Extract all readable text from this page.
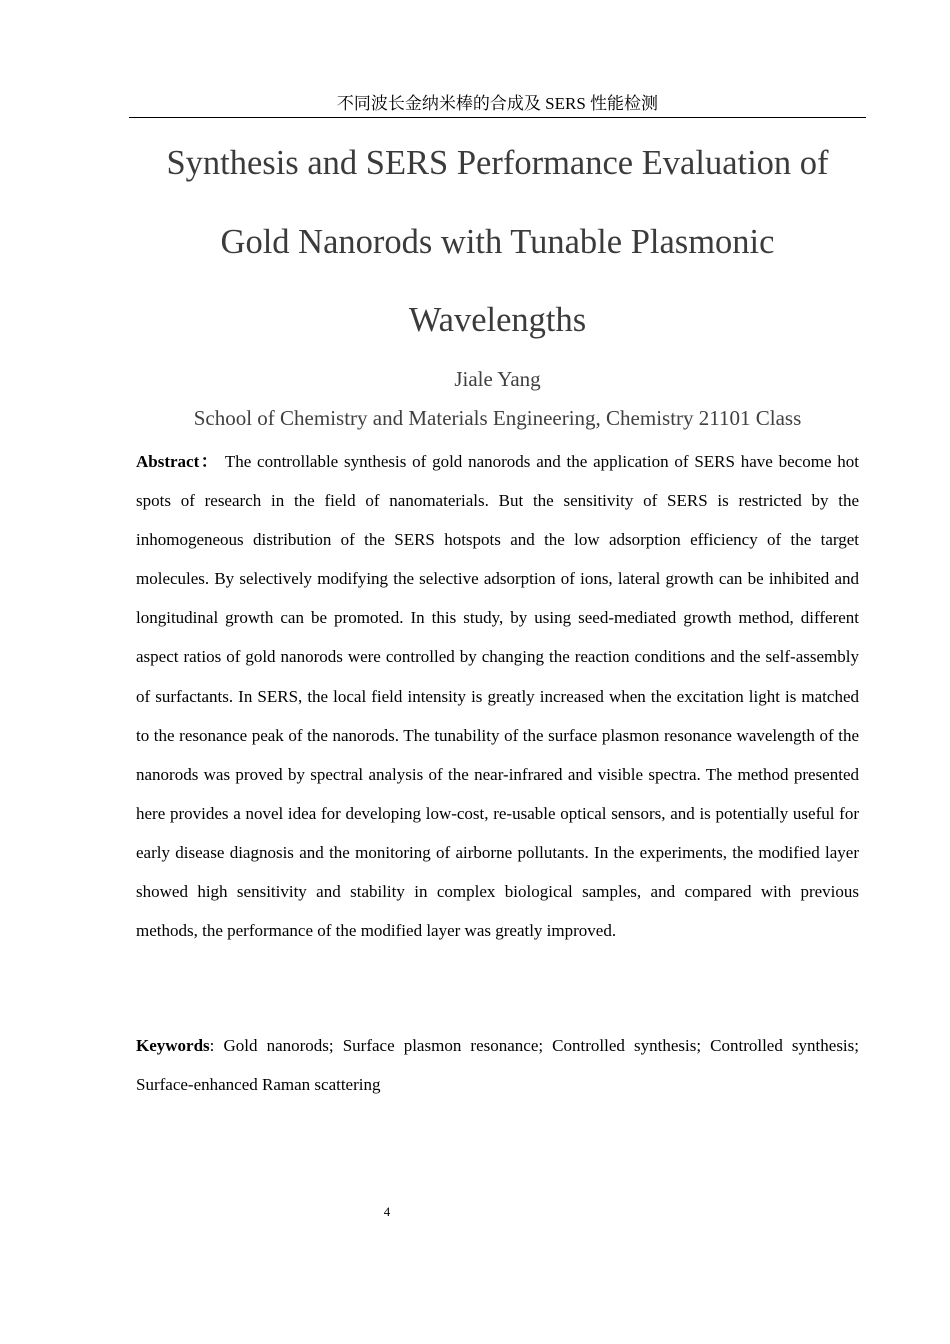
不同波长金纳米棒的合成及 SERS 性能检测
Synthesis and SERS Performance Evaluation of Gold Nanorods with Tunable Plasmonic Wavelengths
Jiale Yang
School of Chemistry and Materials Engineering, Chemistry 21101 Class

Abstract： The controllable synthesis of gold nanorods and the application of SERS have become hot spots of research in the field of nanomaterials. But the sensitivity of SERS is restricted by the inhomogeneous distribution of the SERS hotspots and the low adsorption efficiency of the target molecules. By selectively modifying the selective adsorption of ions, lateral growth can be inhibited and longitudinal growth can be promoted. In this study, by using seed-mediated growth method, different aspect ratios of gold nanorods were controlled by changing the reaction conditions and the self-assembly of surfactants. In SERS, the local field intensity is greatly increased when the excitation light is matched to the resonance peak of the nanorods. The tunability of the surface plasmon resonance wavelength of the nanorods was proved by spectral analysis of the near-infrared and visible spectra. The method presented here provides a novel idea for developing low-cost, re-usable optical sensors, and is potentially useful for early disease diagnosis and the monitoring of airborne pollutants. In the experiments, the modified layer showed high sensitivity and stability in complex biological samples, and compared with previous methods, the performance of the modified layer was greatly improved.

Keywords: Gold nanorods; Surface plasmon resonance; Controlled synthesis; Controlled synthesis; Surface-enhanced Raman scattering

4
